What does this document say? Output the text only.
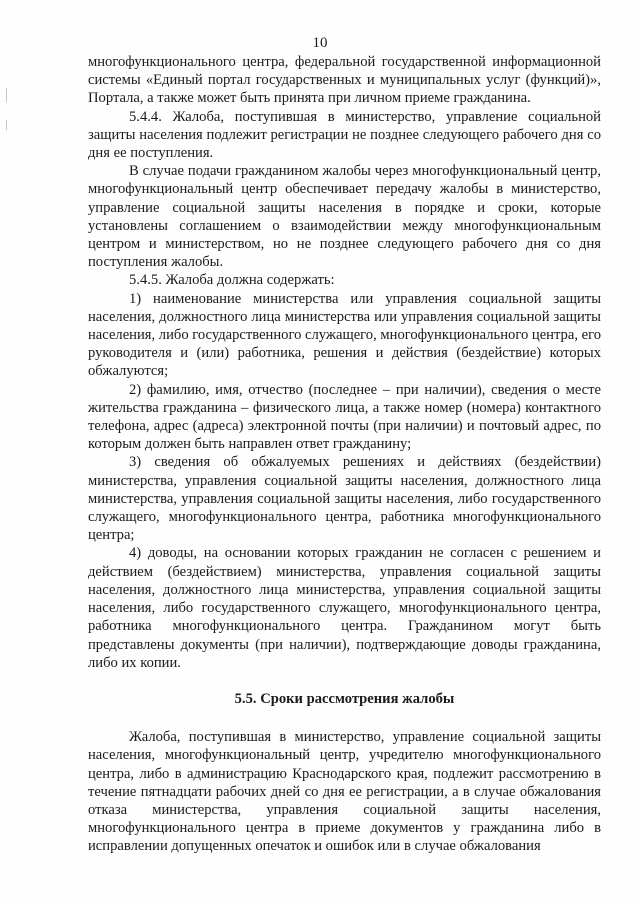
10

многофункционального центра, федеральной государственной информационной системы «Единый портал государственных и муниципальных услуг (функций)», Портала, а также может быть принята при личном приеме гражданина.

5.4.4. Жалоба, поступившая в министерство, управление социальной защиты населения подлежит регистрации не позднее следующего рабочего дня со дня ее поступления.

В случае подачи гражданином жалобы через многофункциональный центр, многофункциональный центр обеспечивает передачу жалобы в министерство, управление социальной защиты населения в порядке и сроки, которые установлены соглашением о взаимодействии между многофункциональным центром и министерством, но не позднее следующего рабочего дня со дня поступления жалобы.

5.4.5. Жалоба должна содержать:

1) наименование министерства или управления социальной защиты населения, должностного лица министерства или управления социальной защиты населения, либо государственного служащего, многофункционального центра, его руководителя и (или) работника, решения и действия (бездействие) которых обжалуются;

2) фамилию, имя, отчество (последнее – при наличии), сведения о месте жительства гражданина – физического лица, а также номер (номера) контактного телефона, адрес (адреса) электронной почты (при наличии) и почтовый адрес, по которым должен быть направлен ответ гражданину;

3) сведения об обжалуемых решениях и действиях (бездействии) министерства, управления социальной защиты населения, должностного лица министерства, управления социальной защиты населения, либо государственного служащего, многофункционального центра, работника многофункционального центра;

4) доводы, на основании которых гражданин не согласен с решением и действием (бездействием) министерства, управления социальной защиты населения, должностного лица министерства, управления социальной защиты населения, либо государственного служащего, многофункционального центра, работника многофункционального центра. Гражданином могут быть представлены документы (при наличии), подтверждающие доводы гражданина, либо их копии.

5.5. Сроки рассмотрения жалобы

Жалоба, поступившая в министерство, управление социальной защиты населения, многофункциональный центр, учредителю многофункционального центра, либо в администрацию Краснодарского края, подлежит рассмотрению в течение пятнадцати рабочих дней со дня ее регистрации, а в случае обжалования отказа министерства, управления социальной защиты населения, многофункционального центра в приеме документов у гражданина либо в исправлении допущенных опечаток и ошибок или в случае обжалования
